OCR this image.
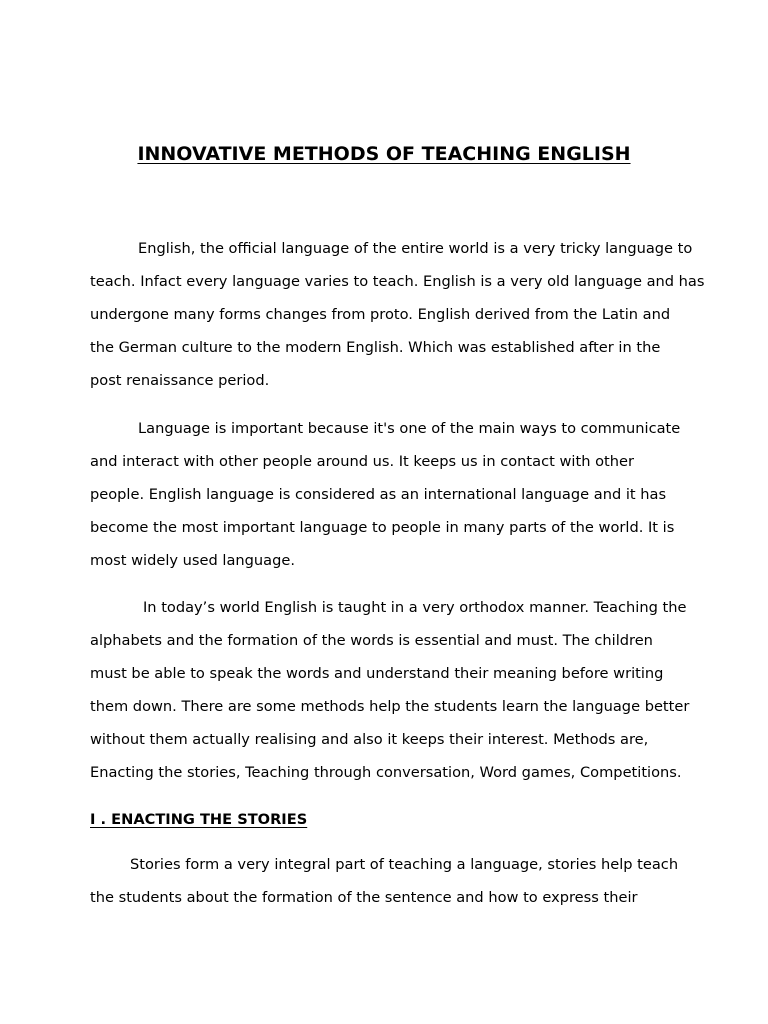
INNOVATIVE METHODS OF TEACHING ENGLISH
English, the official language of the entire world is a very tricky language to
teach. Infact every language varies to teach. English is a very old language and has
undergone many forms changes from proto. English derived from the Latin and
the German culture to the modern English. Which was established after in the
post renaissance period.
Language is important because it's one of the main ways to communicate
and interact with other people around us. It keeps us in contact with other
people. English language is considered as an international language and it has
become the most important language to people in many parts of the world. It is
most widely used language.
In today’s world English is taught in a very orthodox manner. Teaching the
alphabets and the formation of the words is essential and must. The children
must be able to speak the words and understand their meaning before writing
them down. There are some methods help the students learn the language better
without them actually realising and also it keeps their interest. Methods are,
Enacting the stories, Teaching through conversation, Word games, Competitions.
I . ENACTING THE STORIES
Stories form a very integral part of teaching a language, stories help teach
the students about the formation of the sentence and how to express their
